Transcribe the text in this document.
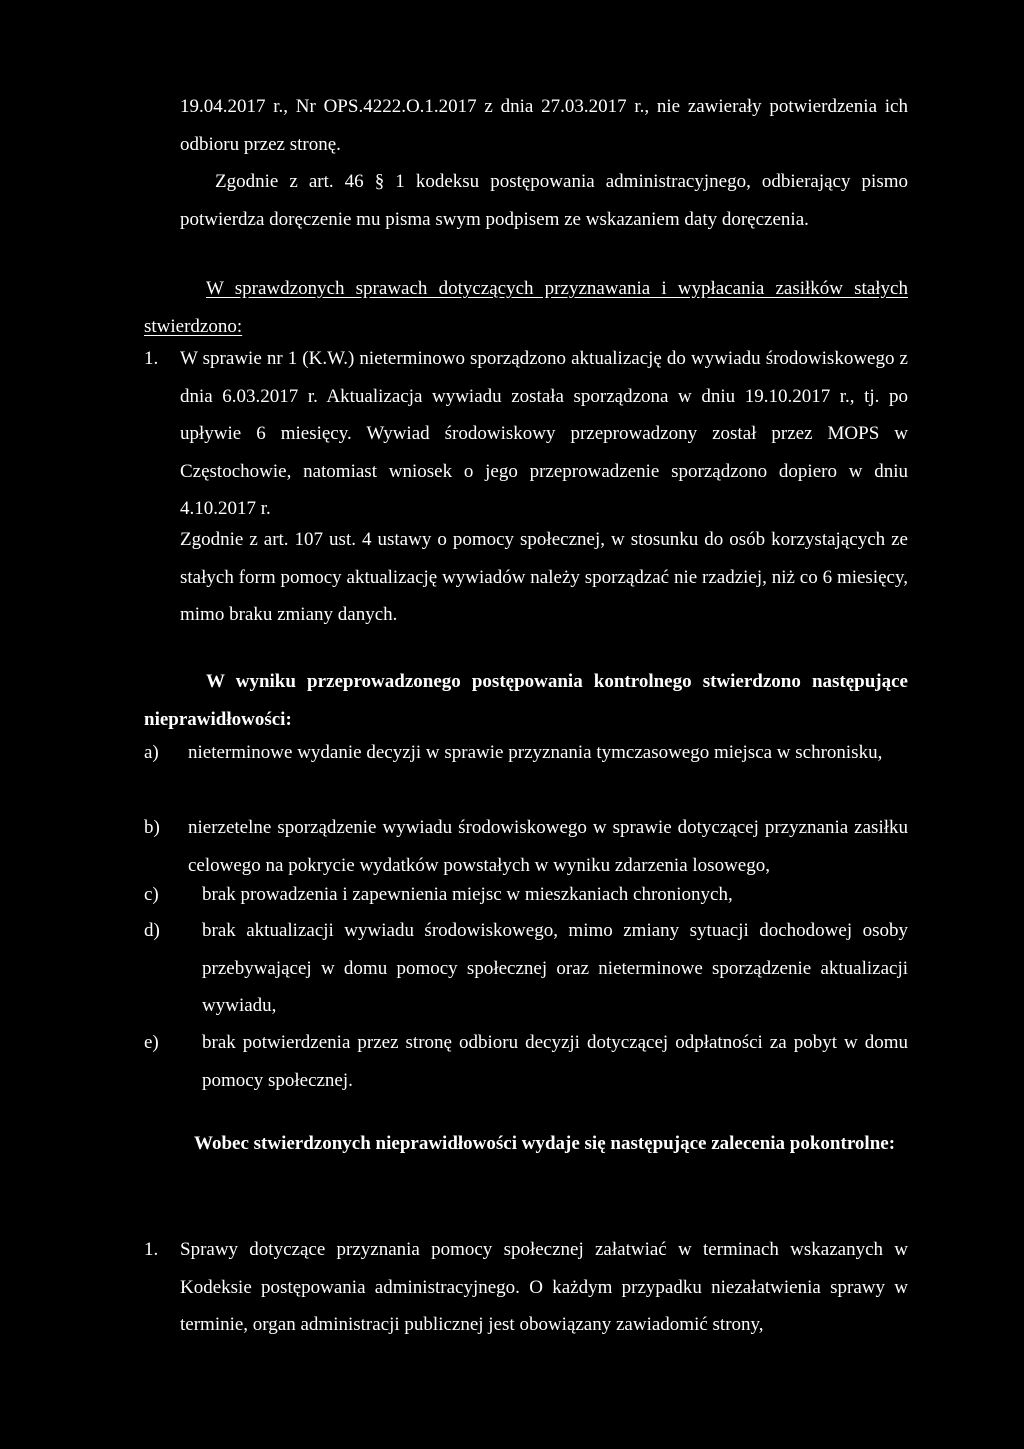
19.04.2017 r., Nr OPS.4222.O.1.2017 z dnia 27.03.2017 r., nie zawierały potwierdzenia ich odbioru przez stronę.

Zgodnie z art. 46 § 1 kodeksu postępowania administracyjnego, odbierający pismo potwierdza doręczenie mu pisma swym podpisem ze wskazaniem daty doręczenia.

W sprawdzonych sprawach dotyczących przyznawania i wypłacania zasiłków stałych stwierdzono:

1. W sprawie nr 1 (K.W.) nieterminowo sporządzono aktualizację do wywiadu środowiskowego z dnia 6.03.2017 r. Aktualizacja wywiadu została sporządzona w dniu 19.10.2017 r., tj. po upływie 6 miesięcy. Wywiad środowiskowy przeprowadzony został przez MOPS w Częstochowie, natomiast wniosek o jego przeprowadzenie sporządzono dopiero w dniu 4.10.2017 r.

Zgodnie z art. 107 ust. 4 ustawy o pomocy społecznej, w stosunku do osób korzystających ze stałych form pomocy aktualizację wywiadów należy sporządzać nie rzadziej, niż co 6 miesięcy, mimo braku zmiany danych.

W wyniku przeprowadzonego postępowania kontrolnego stwierdzono następujące nieprawidłowości:

a) nieterminowe wydanie decyzji w sprawie przyznania tymczasowego miejsca w schronisku,
b) nierzetelne sporządzenie wywiadu środowiskowego w sprawie dotyczącej przyznania zasiłku celowego na pokrycie wydatków powstałych w wyniku zdarzenia losowego,
c) brak prowadzenia i zapewnienia miejsc w mieszkaniach chronionych,
d) brak aktualizacji wywiadu środowiskowego, mimo zmiany sytuacji dochodowej osoby przebywającej w domu pomocy społecznej oraz nieterminowe sporządzenie aktualizacji wywiadu,
e) brak potwierdzenia przez stronę odbioru decyzji dotyczącej odpłatności za pobyt w domu pomocy społecznej.

Wobec stwierdzonych nieprawidłowości wydaje się następujące zalecenia pokontrolne:

1. Sprawy dotyczące przyznania pomocy społecznej załatwiać w terminach wskazanych w Kodeksie postępowania administracyjnego. O każdym przypadku niezałatwienia sprawy w terminie, organ administracji publicznej jest obowiązany zawiadomić strony,
